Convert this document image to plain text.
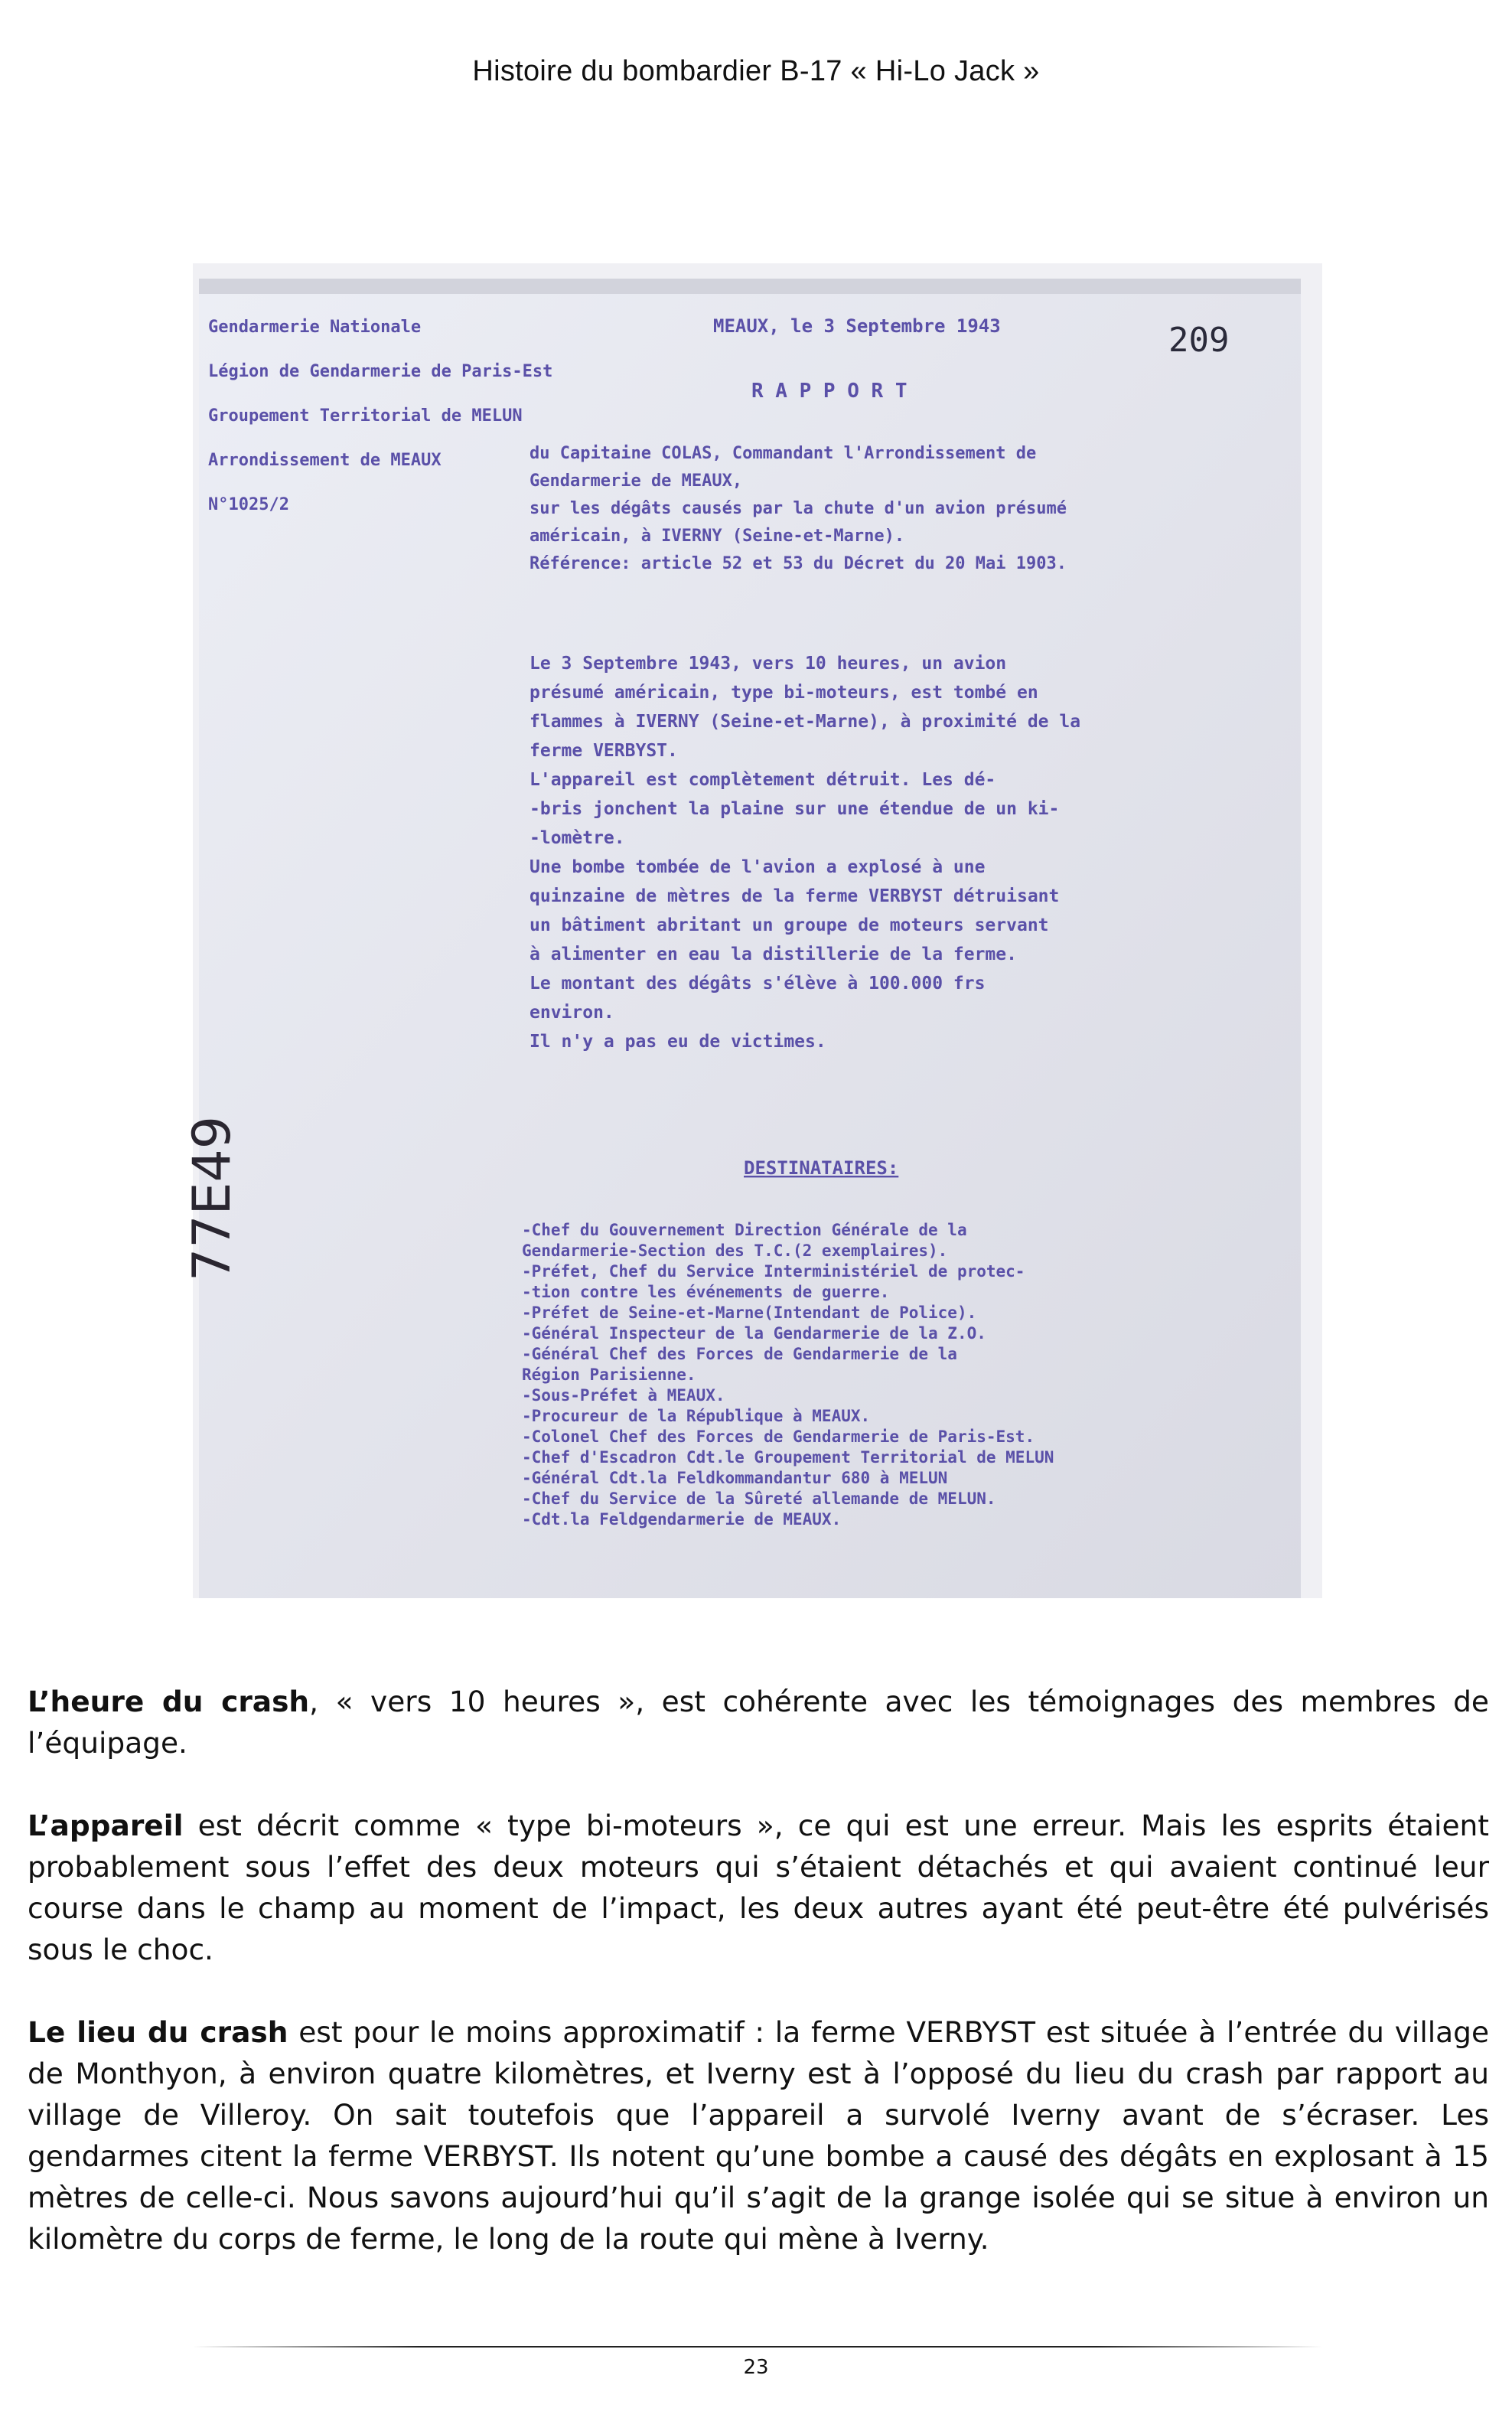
Histoire du bombardier B-17 « Hi-Lo Jack »
Gendarmerie Nationale
Légion de Gendarmerie de Paris-Est
Groupement Territorial de MELUN
Arrondissement de MEAUX
N°1025/2
MEAUX, le 3 Septembre 1943	209
R A P P O R T
du Capitaine COLAS, Commandant l'Arrondissement de
Gendarmerie de MEAUX,
sur les dégâts causés par la chute d'un avion présumé
américain, à IVERNY (Seine-et-Marne).
Référence: article 52 et 53 du Décret du 20 Mai 1903.
Le 3 Septembre 1943, vers 10 heures, un avion
présumé américain, type bi-moteurs, est tombé en
flammes à IVERNY (Seine-et-Marne), à proximité de la
ferme VERBYST.
L'appareil est complètement détruit. Les dé-
-bris jonchent la plaine sur une étendue de un ki-
-lomètre.
Une bombe tombée de l'avion a explosé à une
quinzaine de mètres de la ferme VERBYST détruisant
un bâtiment abritant un groupe de moteurs servant
à alimenter en eau la distillerie de la ferme.
Le montant des dégâts s'élève à 100.000 frs
environ.
Il n'y a pas eu de victimes.
DESTINATAIRES:
-Chef du Gouvernement Direction Générale de la
Gendarmerie-Section des T.C.(2 exemplaires).
-Préfet, Chef du Service Interministériel de protec-
-tion contre les événements de guerre.
-Préfet de Seine-et-Marne(Intendant de Police).
-Général Inspecteur de la Gendarmerie de la Z.O.
-Général Chef des Forces de Gendarmerie de la
Région Parisienne.
-Sous-Préfet à MEAUX.
-Procureur de la République à MEAUX.
-Colonel Chef des Forces de Gendarmerie de Paris-Est.
-Chef d'Escadron Cdt.le Groupement Territorial de MELUN
-Général Cdt.la Feldkommandantur 680 à MELUN
-Chef du Service de la Sûreté allemande de MELUN.
-Cdt.la Feldgendarmerie de MEAUX.
77E49

L’heure du crash, « vers 10 heures », est cohérente avec les témoignages des membres de l’équipage.

L’appareil est décrit comme « type bi-moteurs », ce qui est une erreur. Mais les esprits étaient probablement sous l’effet des deux moteurs qui s’étaient détachés et qui avaient continué leur course dans le champ au moment de l’impact, les deux autres ayant été peut-être été pulvérisés sous le choc.

Le lieu du crash est pour le moins approximatif : la ferme VERBYST est située à l’entrée du village de Monthyon, à environ quatre kilomètres, et Iverny est à l’opposé du lieu du crash par rapport au village de Villeroy. On sait toutefois que l’appareil a survolé Iverny avant de s’écraser. Les gendarmes citent la ferme VERBYST. Ils notent qu’une bombe a causé des dégâts en explosant à 15 mètres de celle-ci. Nous savons aujourd’hui qu’il s’agit de la grange isolée qui se situe à environ un kilomètre du corps de ferme, le long de la route qui mène à Iverny.

23
